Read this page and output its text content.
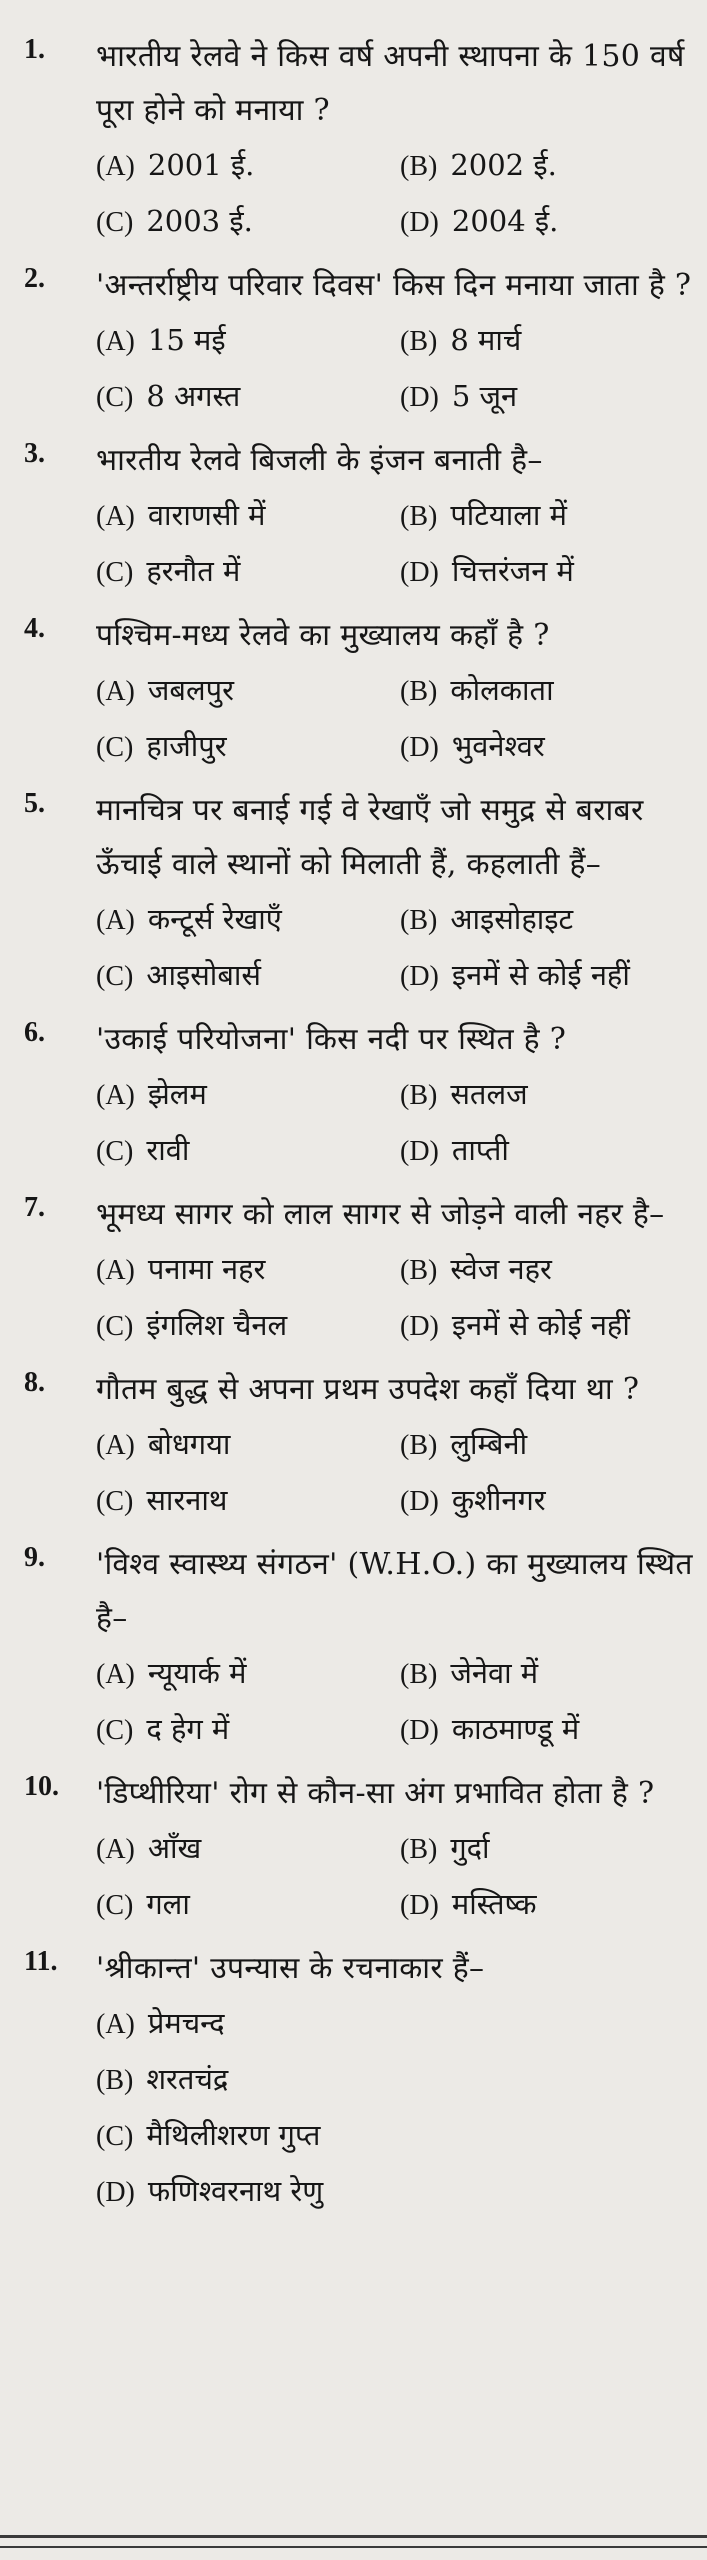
1.	भारतीय रेलवे ने किस वर्ष अपनी स्थापना के 150 वर्ष पूरा होने को मनाया ?
(A) 2001 ई.	(B) 2002 ई.
(C) 2003 ई.	(D) 2004 ई.
2.	'अन्तर्राष्ट्रीय परिवार दिवस' किस दिन मनाया जाता है ?
(A) 15 मई	(B) 8 मार्च
(C) 8 अगस्त	(D) 5 जून
3.	भारतीय रेलवे बिजली के इंजन बनाती है–
(A) वाराणसी में	(B) पटियाला में
(C) हरनौत में	(D) चित्तरंजन में
4.	पश्चिम-मध्य रेलवे का मुख्यालय कहाँ है ?
(A) जबलपुर	(B) कोलकाता
(C) हाजीपुर	(D) भुवनेश्वर
5.	मानचित्र पर बनाई गई वे रेखाएँ जो समुद्र से बराबर ऊँचाई वाले स्थानों को मिलाती हैं, कहलाती हैं–
(A) कन्टूर्स रेखाएँ	(B) आइसोहाइट
(C) आइसोबार्स	(D) इनमें से कोई नहीं
6.	'उकाई परियोजना' किस नदी पर स्थित है ?
(A) झेलम	(B) सतलज
(C) रावी	(D) ताप्ती
7.	भूमध्य सागर को लाल सागर से जोड़ने वाली नहर है–
(A) पनामा नहर	(B) स्वेज नहर
(C) इंगलिश चैनल	(D) इनमें से कोई नहीं
8.	गौतम बुद्ध से अपना प्रथम उपदेश कहाँ दिया था ?
(A) बोधगया	(B) लुम्बिनी
(C) सारनाथ	(D) कुशीनगर
9.	'विश्व स्वास्थ्य संगठन' (W.H.O.) का मुख्यालय स्थित है–
(A) न्यूयार्क में	(B) जेनेवा में
(C) द हेग में	(D) काठमाण्डू में
10.	'डिप्थीरिया' रोग से कौन-सा अंग प्रभावित होता है ?
(A) आँख	(B) गुर्दा
(C) गला	(D) मस्तिष्क
11.	'श्रीकान्त' उपन्यास के रचनाकार हैं–
(A) प्रेमचन्द
(B) शरतचंद्र
(C) मैथिलीशरण गुप्त
(D) फणिश्वरनाथ रेणु
